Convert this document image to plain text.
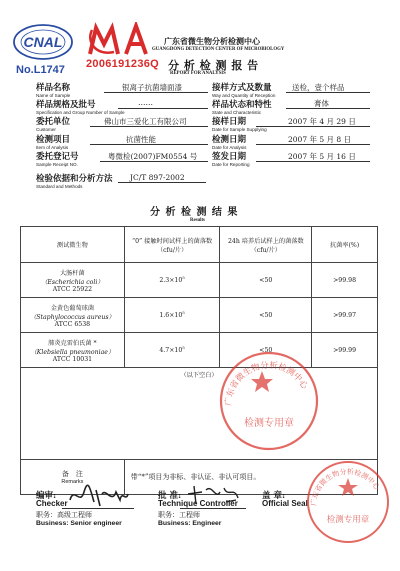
CNAL
No.L1747 2006191236Q
广东省微生物分析检测中心
GUANGDONG DETECTION CENTER OF MICROBIOLOGY
分 析 检 测 报 告
REPORT FOR ANALYSIS
样品名称
Name of Sample
银离子抗菌墙面漆
样品规格及批号
Specification and Group Number of Sample
……
委托单位
Customer
佛山市三爱化工有限公司
检测项目
Item of Analysis
抗菌性能
委托登记号
Sample Receipt NO.
粤微检(2007)FM0554 号
接样方式及数量
Way and Quantity of Reception
送检，壹个样品
样品状态和特性
State and Characteristic
膏体
接样日期
Date for Sample Supplying
2007 年 4 月 29 日
检测日期
Date for Analysis
2007 年 5 月 8 日
签发日期
Date for Reporting
2007 年 5 月 16 日
检验依据和分析方法 JC/T 897-2002
Standard and Methods
分 析 检 测 结 果
Results
测试微生物	“0” 接触时间试样上的菌落数（cfu/片）	24h 培养后试样上的菌落数（cfu/片）	抗菌率(%)

大肠杆菌
（Escherichia coli）
ATCC 25922	$2.3\times 10^5$	<50	>99.98

金黄色葡萄球菌
（Staphylococcus aureus）
ATCC 6538	$1.6\times 10^5$	<50	>99.97

肺炎克雷伯氏菌 *
（Klebsiella pneumoniae）
ATCC 10031	$4.7\times 10^5$	<50	>99.99
（以下空白）			

备　注
Remarks	带“*”项目为非标、非认证、非认可项目。		
广东省微生物分析检测中心
检测专用章
编审:
Checker
职务：高级工程师
Business: Senior engineer
批 准:
Technique Controller
职务：工程师
Business: Engineer
盖 章:
Official Seal 广东省微生物分析检测中心
检测专用章
